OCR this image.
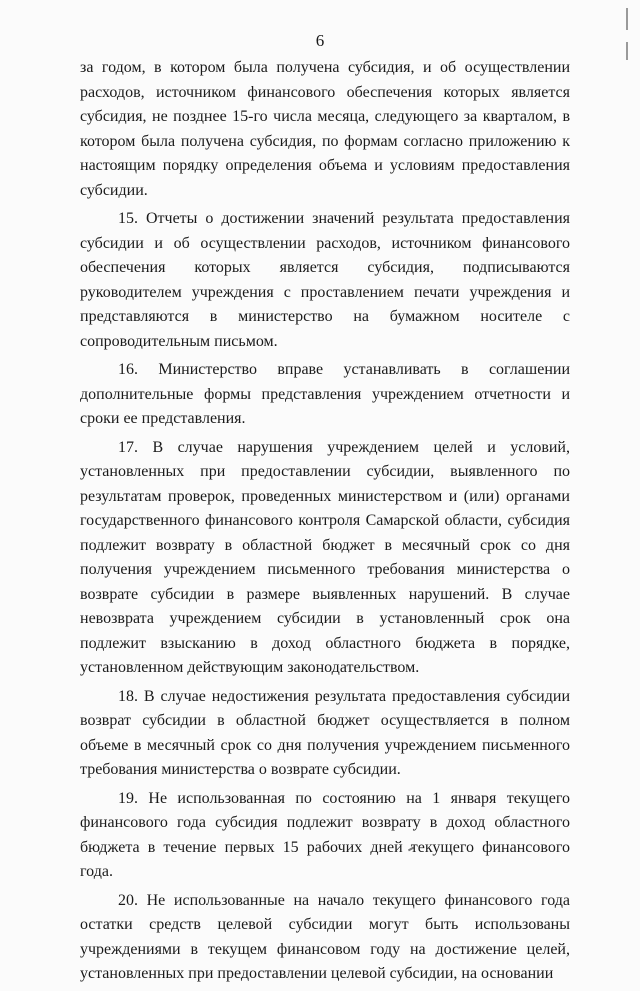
6

за годом, в котором была получена субсидия, и об осуществлении расходов, источником финансового обеспечения которых является субсидия, не позднее 15-го числа месяца, следующего за кварталом, в котором была получена субсидия, по формам согласно приложению к настоящим порядку определения объема и условиям предоставления субсидии.

15. Отчеты о достижении значений результата предоставления субсидии и об осуществлении расходов, источником финансового обеспечения которых является субсидия, подписываются руководителем учреждения с проставлением печати учреждения и представляются в министерство на бумажном носителе с сопроводительным письмом.

16. Министерство вправе устанавливать в соглашении дополнительные формы представления учреждением отчетности и сроки ее представления.

17. В случае нарушения учреждением целей и условий, установленных при предоставлении субсидии, выявленного по результатам проверок, проведенных министерством и (или) органами государственного финансового контроля Самарской области, субсидия подлежит возврату в областной бюджет в месячный срок со дня получения учреждением письменного требования министерства о возврате субсидии в размере выявленных нарушений. В случае невозврата учреждением субсидии в установленный срок она подлежит взысканию в доход областного бюджета в порядке, установленном действующим законодательством.

18. В случае недостижения результата предоставления субсидии возврат субсидии в областной бюджет осуществляется в полном объеме в месячный срок со дня получения учреждением письменного требования министерства о возврате субсидии.

19. Не использованная по состоянию на 1 января текущего финансового года субсидия подлежит возврату в доход областного бюджета в течение первых 15 рабочих дней текущего финансового года.

20. Не использованные на начало текущего финансового года остатки средств целевой субсидии могут быть использованы учреждениями в текущем финансовом году на достижение целей, установленных при предоставлении целевой субсидии, на основании
